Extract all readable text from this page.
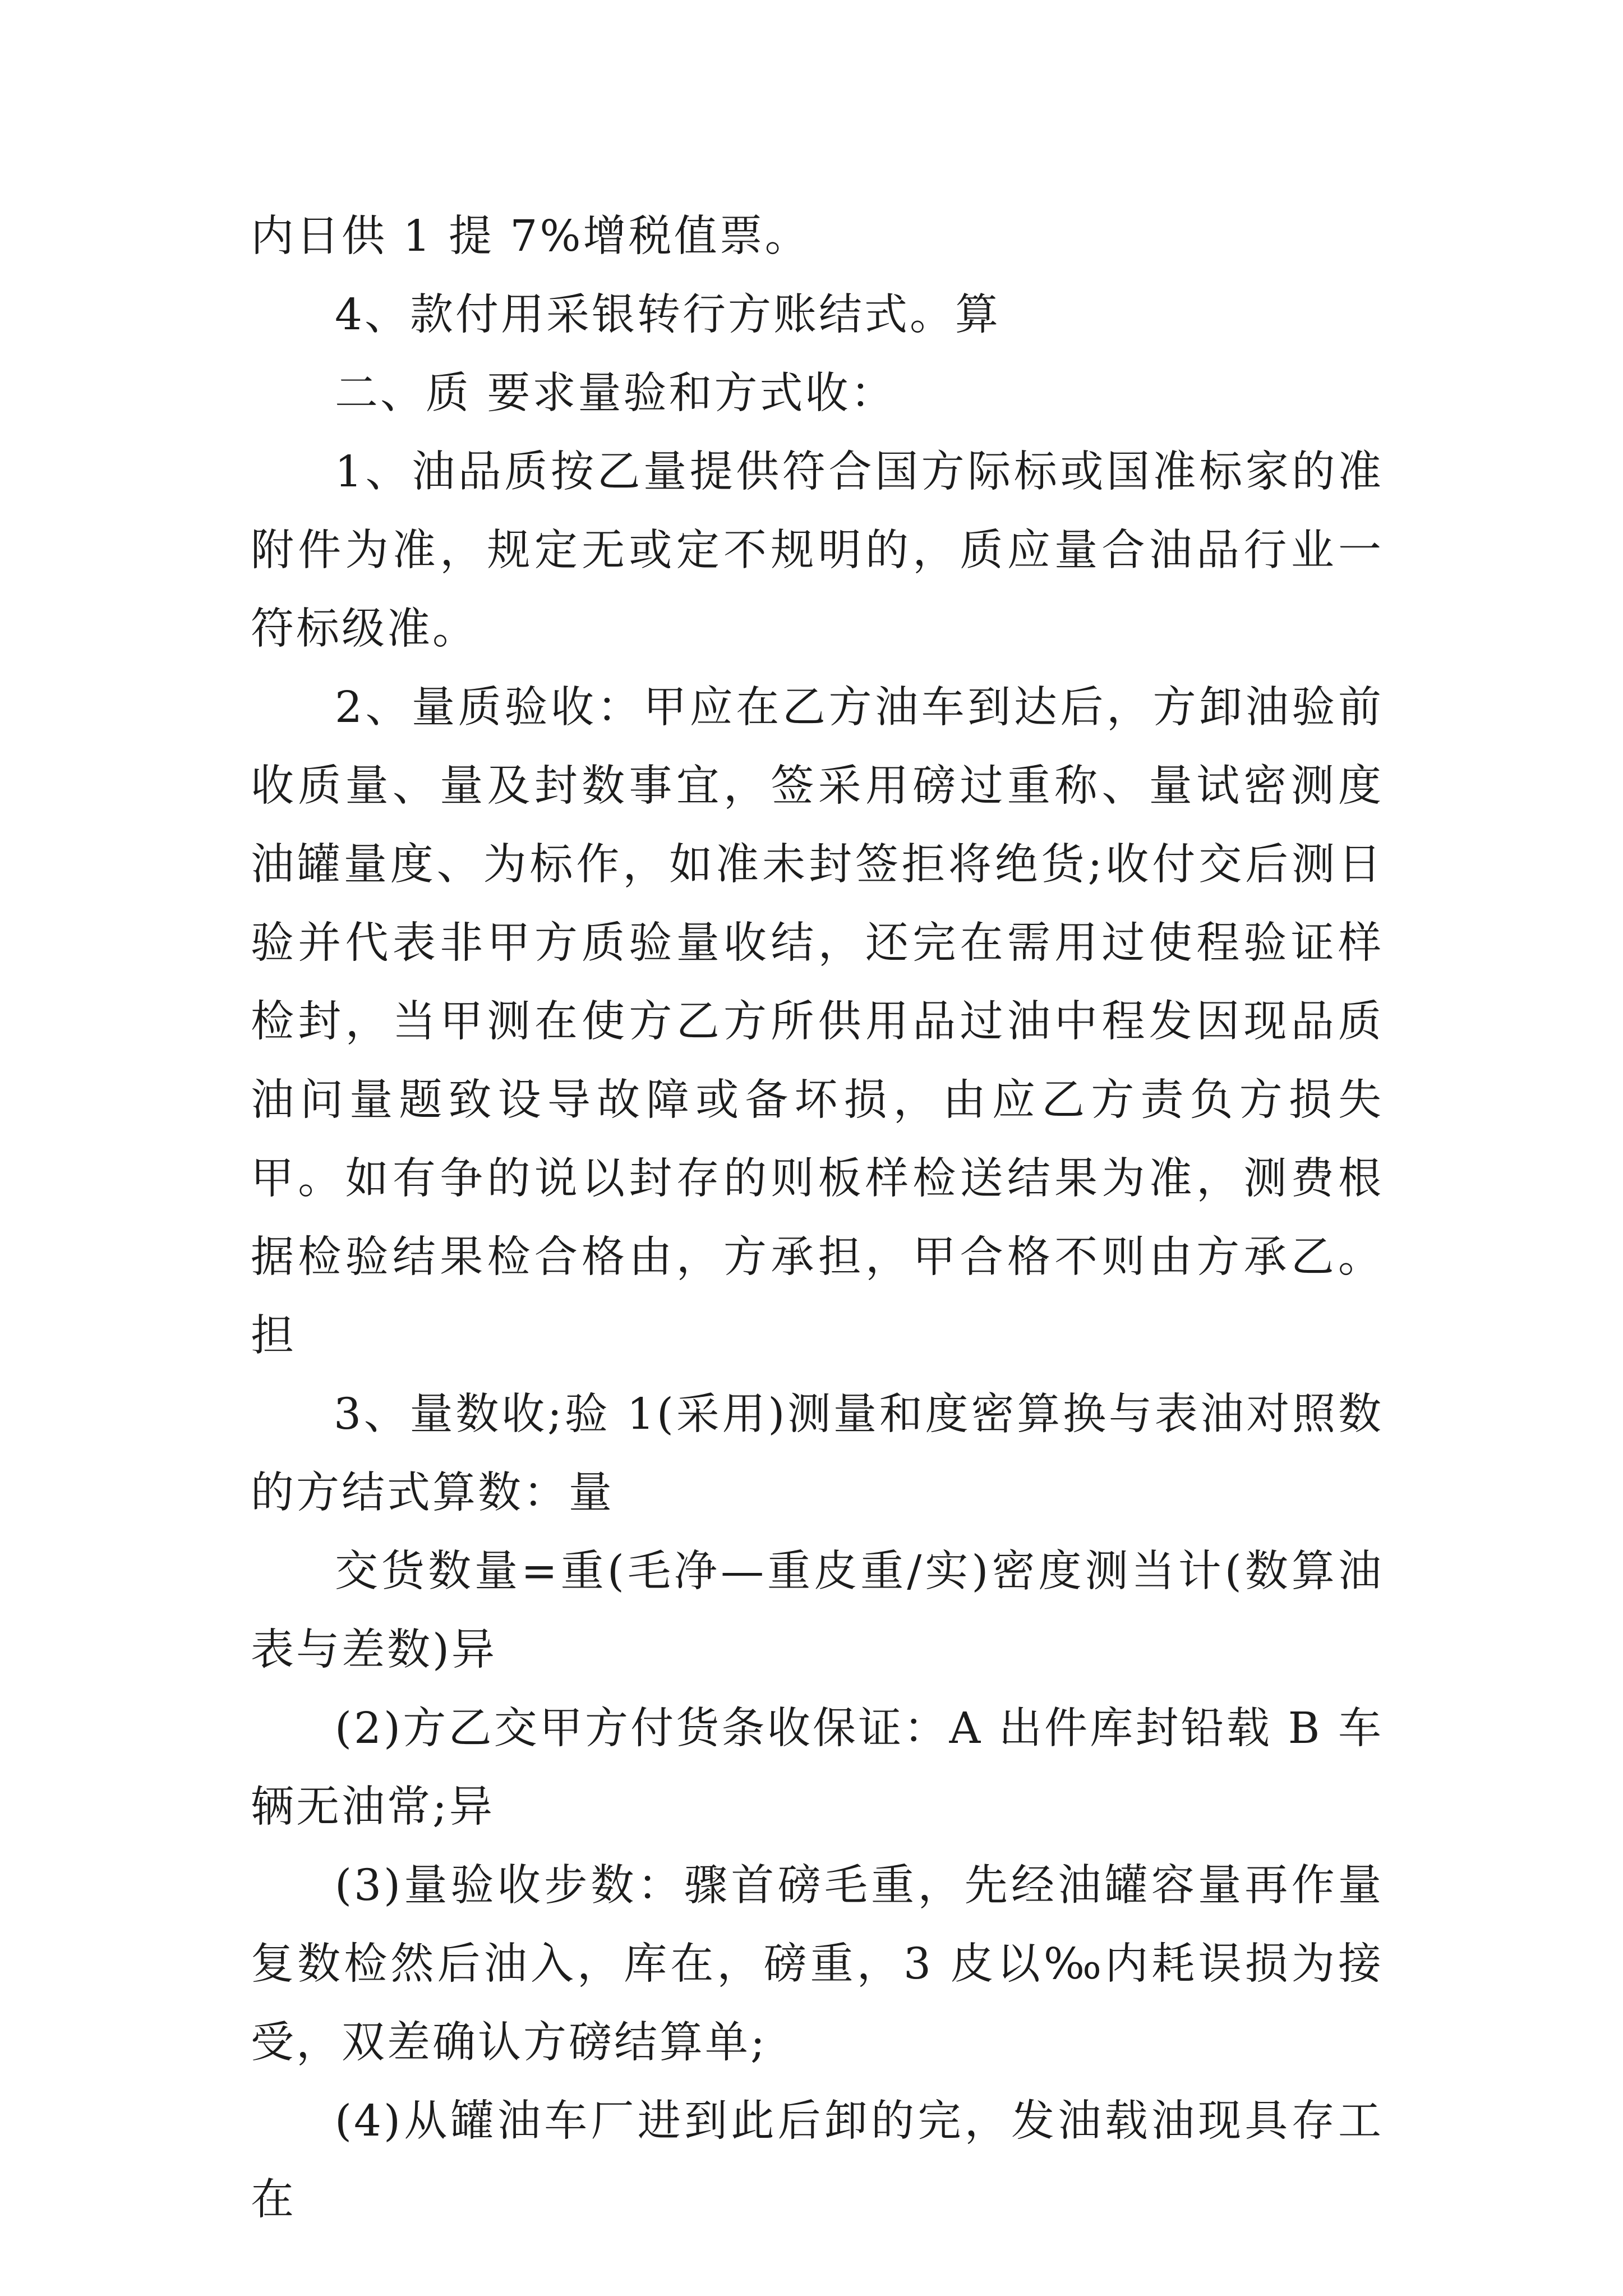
内日供 1 提 7%增税值票。

4、款付用采银转行方账结式。算

二、质 要求量验和方式收：

1、油品质按乙量提供符合国方际标或国准标家的准附件为准，规定无或定不规明的，质应量合油品行业一符标级准。

2、量质验收：甲应在乙方油车到达后，方卸油验前收质量、量及封数事宜，签采用磅过重称、量试密测度油罐量度、为标作，如准未封签拒将绝货;收付交后测日验并代表非甲方质验量收结，还完在需用过使程验证样检封，当甲测在使方乙方所供用品过油中程发因现品质油问量题致设导故障或备坏损，由应乙方责负方损失甲。如有争的说以封存的则板样检送结果为准，测费根据检验结果检合格由，方承担，甲合格不则由方承乙。担

3、量数收;验 1(采用)测量和度密算换与表油对照数的方结式算数：量

交货数量=重(毛净—重皮重/实)密度测当计(数算油表与差数)异

(2)方乙交甲方付货条收保证：A 出件库封铅载 B 车辆无油常;异

(3)量验收步数：骤首磅毛重，先经油罐容量再作量复数检然后油入，库在，磅重，3 皮以‰内耗误损为接受，双差确认方磅结算单;

(4)从罐油车厂进到此后卸的完，发油载油现具存工在
